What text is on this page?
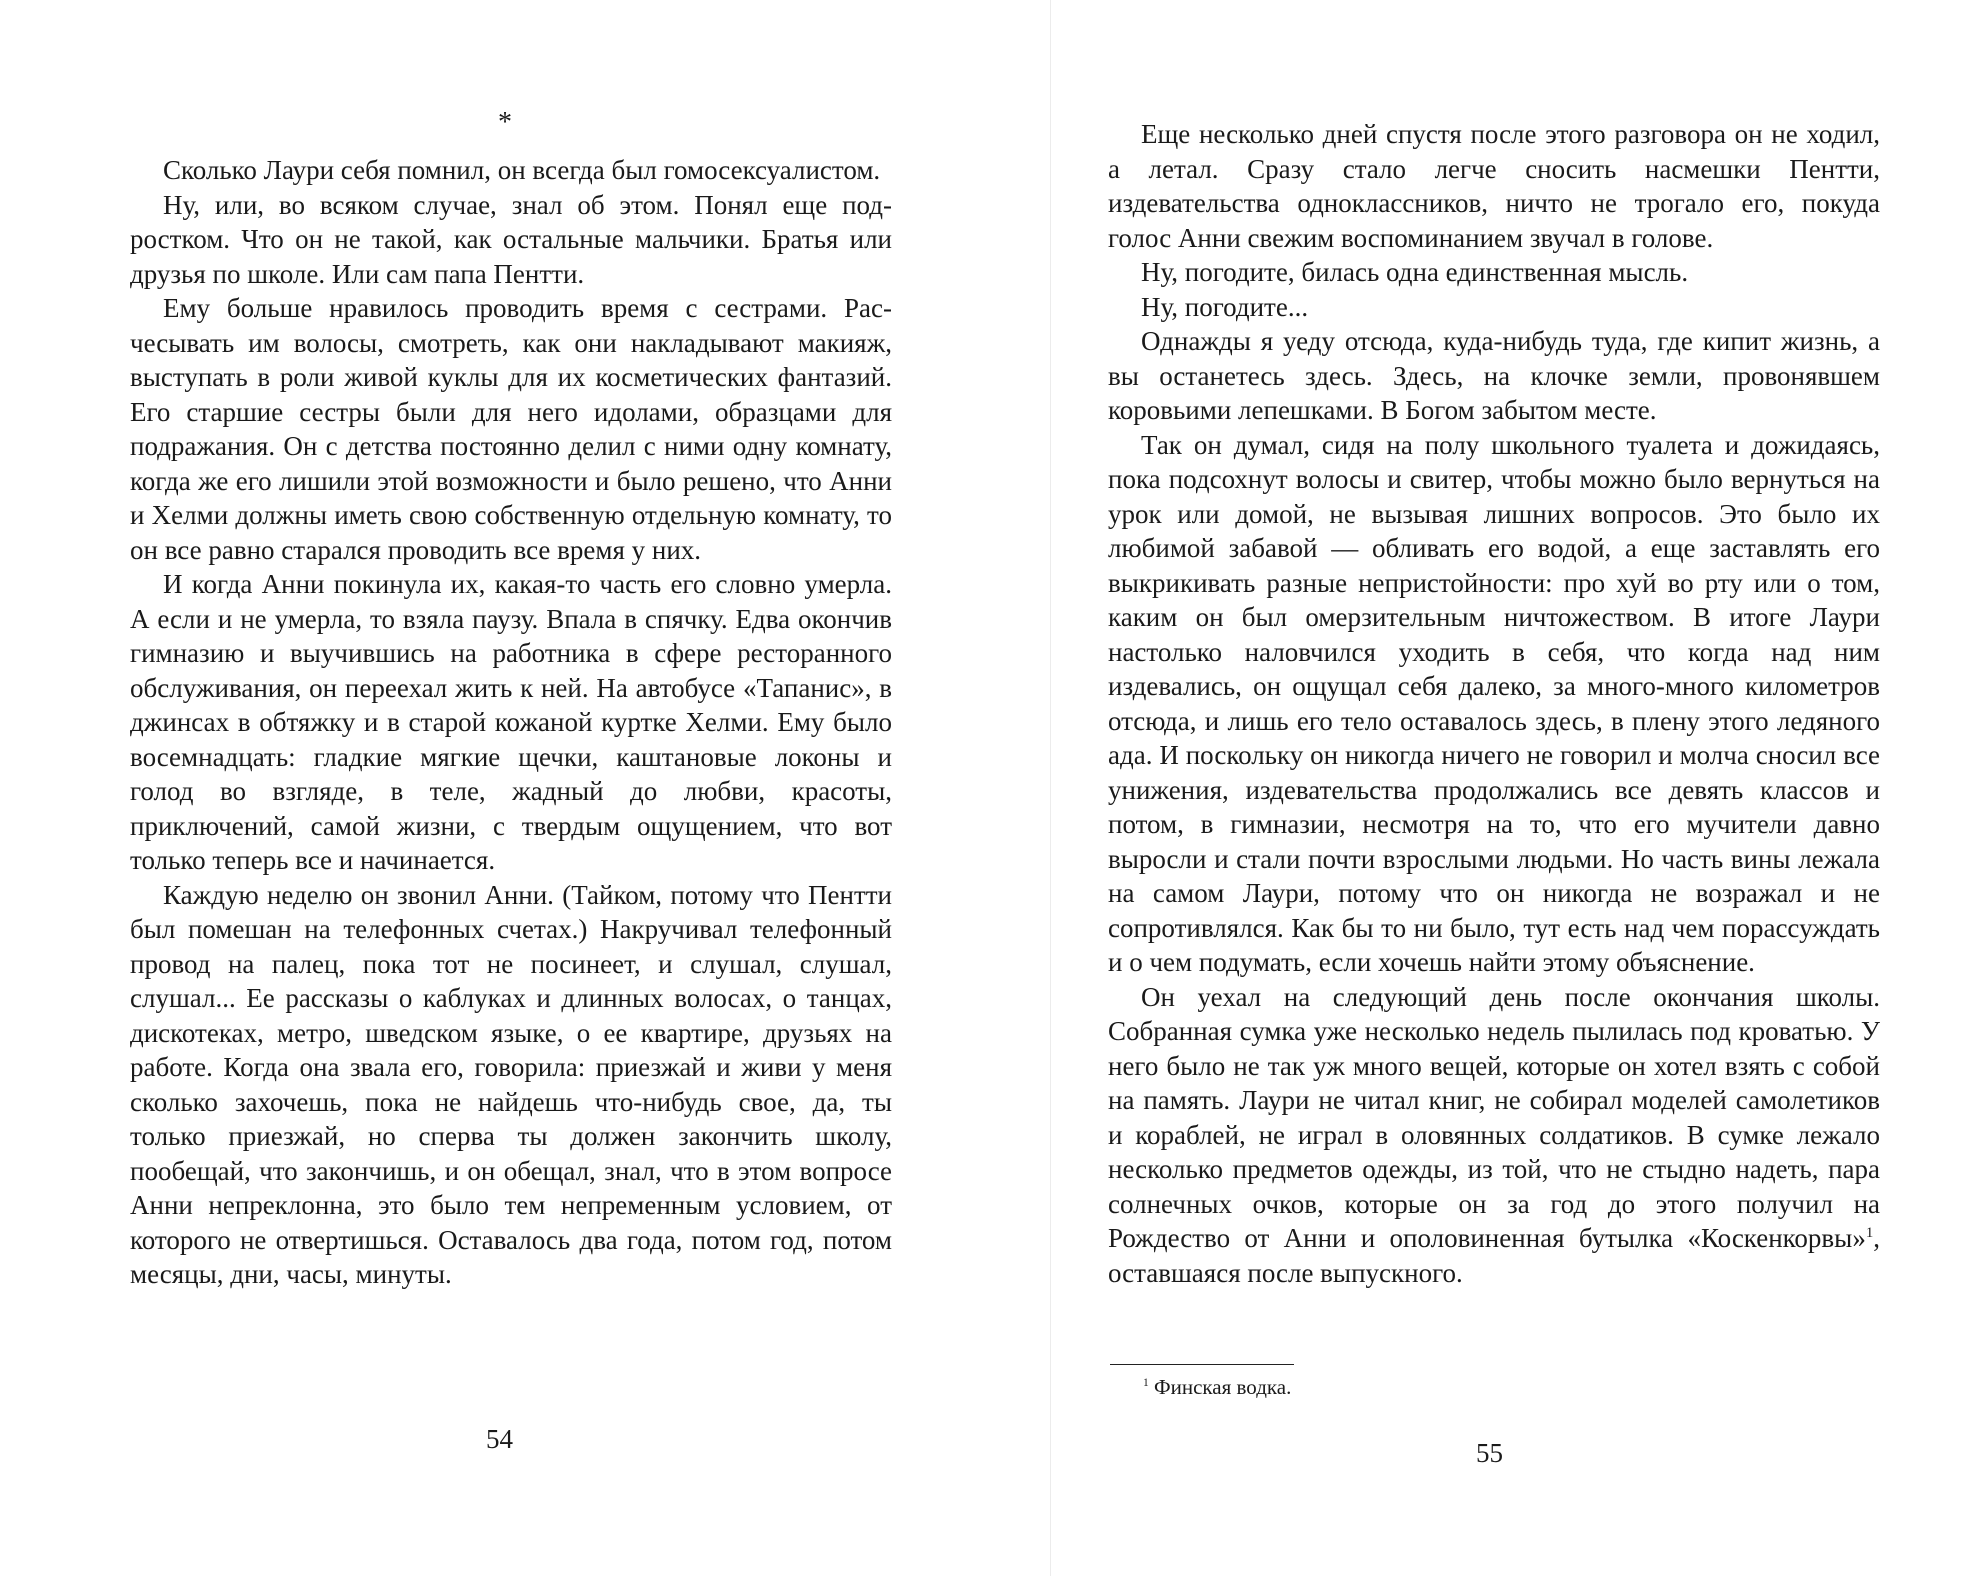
*

Сколько Лаури себя помнил, он всегда был гомосексуалистом.

Ну, или, во всяком случае, знал об этом. Понял еще подростком. Что он не такой, как остальные мальчики. Братья или друзья по школе. Или сам папа Пентти.

Ему больше нравилось проводить время с сестрами. Расчесывать им волосы, смотреть, как они накладывают макияж, выступать в роли живой куклы для их косметических фантазий. Его старшие сестры были для него идолами, образцами для подражания. Он с детства постоянно делил с ними одну комнату, когда же его лишили этой возможности и было решено, что Анни и Хелми должны иметь свою собственную отдельную комнату, то он все равно старался проводить все время у них.

И когда Анни покинула их, какая-то часть его словно умерла. А если и не умерла, то взяла паузу. Впала в спячку. Едва окончив гимназию и выучившись на работника в сфере ресторанного обслуживания, он переехал жить к ней. На автобусе «Тапанис», в джинсах в обтяжку и в старой кожаной куртке Хелми. Ему было восемнадцать: гладкие мягкие щечки, каштановые локоны и голод во взгляде, в теле, жадный до любви, красоты, приключений, самой жизни, с твердым ощущением, что вот только теперь все и начинается.

Каждую неделю он звонил Анни. (Тайком, потому что Пентти был помешан на телефонных счетах.) Накручивал телефонный провод на палец, пока тот не посинеет, и слушал, слушал, слушал... Ее рассказы о каблуках и длинных волосах, о танцах, дискотеках, метро, шведском языке, о ее квартире, друзьях на работе. Когда она звала его, говорила: приезжай и живи у меня сколько захочешь, пока не найдешь что-нибудь свое, да, ты только приезжай, но сперва ты должен закончить школу, пообещай, что закончишь, и он обещал, знал, что в этом вопросе Анни непреклонна, это было тем непременным условием, от которого не отвертишься. Оставалось два года, потом год, потом месяцы, дни, часы, минуты.

54

Еще несколько дней спустя после этого разговора он не ходил, а летал. Сразу стало легче сносить насмешки Пентти, издевательства одноклассников, ничто не трогало его, покуда голос Анни свежим воспоминанием звучал в голове.

Ну, погодите, билась одна единственная мысль.

Ну, погодите...

Однажды я уеду отсюда, куда-нибудь туда, где кипит жизнь, а вы останетесь здесь. Здесь, на клочке земли, провонявшем коровьими лепешками. В Богом забытом месте.

Так он думал, сидя на полу школьного туалета и дожидаясь, пока подсохнут волосы и свитер, чтобы можно было вернуться на урок или домой, не вызывая лишних вопросов. Это было их любимой забавой — обливать его водой, а еще заставлять его выкрикивать разные непристойности: про хуй во рту или о том, каким он был омерзительным ничтожеством. В итоге Лаури настолько наловчился уходить в себя, что когда над ним издевались, он ощущал себя далеко, за много-много километров отсюда, и лишь его тело оставалось здесь, в плену этого ледяного ада. И поскольку он никогда ничего не говорил и молча сносил все унижения, издевательства продолжались все девять классов и потом, в гимназии, несмотря на то, что его мучители давно выросли и стали почти взрослыми людьми. Но часть вины лежала на самом Лаури, потому что он никогда не возражал и не сопротивлялся. Как бы то ни было, тут есть над чем порассуждать и о чем подумать, если хочешь найти этому объяснение.

Он уехал на следующий день после окончания школы. Собранная сумка уже несколько недель пылилась под кроватью. У него было не так уж много вещей, которые он хотел взять с собой на память. Лаури не читал книг, не собирал моделей самолетиков и кораблей, не играл в оловянных солдатиков. В сумке лежало несколько предметов одежды, из той, что не стыдно надеть, пара солнечных очков, которые он за год до этого получил на Рождество от Анни и ополовиненная бутылка «Коскенкорвы»$^1$, оставшаяся после выпускного.

$^1$ Финская водка.
55
